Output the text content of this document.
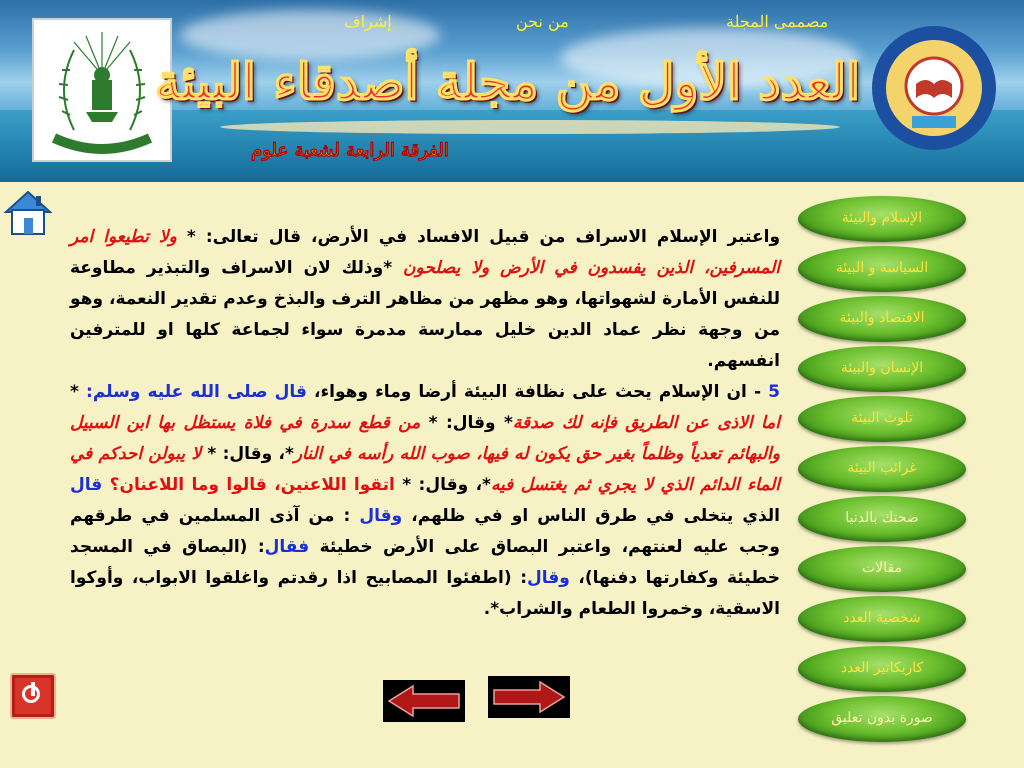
مصممى المجلة
من نحن
إشراف
العدد الأول من مجلة أصدقاء البيئة
الفرقة الرابعة لشعبة علوم
واعتبر الإسلام الاسراف من قبيل الافساد في الأرض، قال تعالى: * ولا تطيعوا امر المسرفين، الذين يفسدون في الأرض ولا يصلحون *وذلك لان الاسراف والتبذير مطاوعة للنفس الأمارة لشهواتها، وهو مظهر من مظاهر الترف والبذخ وعدم تقدير النعمة، وهو من وجهة نظر عماد الدين خليل ممارسة مدمرة سواء لجماعة كلها او للمترفين انفسهم.
5 - ان الإسلام يحث على نظافة البيئة أرضا وماء وهواء، قال صلى الله عليه وسلم: * اما الاذى عن الطريق فإنه لك صدقة* وقال: * من قطع سدرة في فلاة يستظل بها ابن السبيل والبهائم تعدياً وظلماً بغير حق يكون له فيها، صوب الله رأسه في النار*، وقال: * لا يبولن احدكم في الماء الدائم الذي لا يجري ثم يغتسل فيه*، وقال: * اتقوا اللاعنين، قالوا وما اللاعنان؟ قال الذي يتخلى في طرق الناس او في ظلهم، وقال : من آذى المسلمين في طرقهم وجب عليه لعنتهم، واعتبر البصاق على الأرض خطيئة فقال: (البصاق في المسجد خطيئة وكفارتها دفنها)، وقال: (اطفئوا المصابيح اذا رقدتم واغلقوا الابواب، وأوكوا الاسقية، وخمروا الطعام والشراب*.
الإسلام والبيئة
السياسة و البيئة
الاقتصاد والبيئة
الإنسان والبيئة
تلوث البيئة
غرائب البيئة
ضحتك بالدنيا
مقالات
شخصية العدد
كاريكاتير العدد
صورة بدون تعليق
